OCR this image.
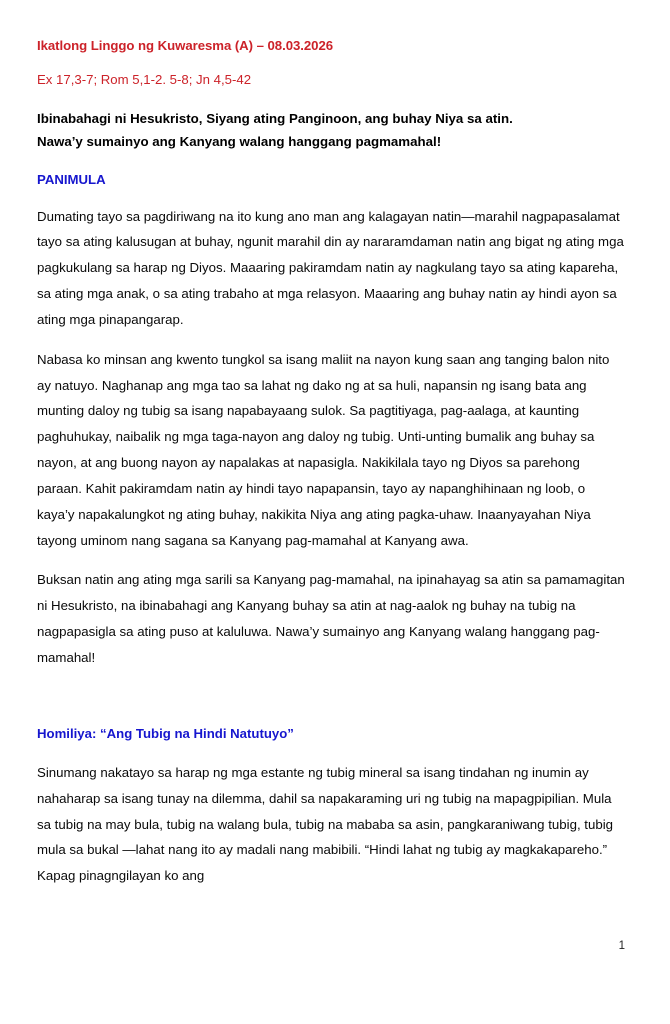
Ikatlong Linggo ng Kuwaresma (A) – 08.03.2026

Ex 17,3-7; Rom 5,1-2. 5-8; Jn 4,5-42

Ibinabahagi ni Hesukristo, Siyang ating Panginoon, ang buhay Niya sa atin.
Nawa’y sumainyo ang Kanyang walang hanggang pagmamahal!
PANIMULA

Dumating tayo sa pagdiriwang na ito kung ano man ang kalagayan natin—marahil nagpapasalamat tayo sa ating kalusugan at buhay, ngunit marahil din ay nararamdaman natin ang bigat ng ating mga pagkukulang sa harap ng Diyos. Maaaring pakiramdam natin ay nagkulang tayo sa ating kapareha, sa ating mga anak, o sa ating trabaho at mga relasyon. Maaaring ang buhay natin ay hindi ayon sa ating mga pinapangarap.

Nabasa ko minsan ang kwento tungkol sa isang maliit na nayon kung saan ang tanging balon nito ay natuyo. Naghanap ang mga tao sa lahat ng dako ng at sa huli, napansin ng isang bata ang munting daloy ng tubig sa isang napabayaang sulok. Sa pagtitiyaga, pag-aalaga, at kaunting paghuhukay, naibalik ng mga taga-nayon ang daloy ng tubig. Unti-unting bumalik ang buhay sa nayon, at ang buong nayon ay napalakas at napasigla. Nakikilala tayo ng Diyos sa parehong paraan. Kahit pakiramdam natin ay hindi tayo napapansin, tayo ay napanghihinaan ng loob, o kaya’y napakalungkot ng ating buhay, nakikita Niya ang ating pagka-uhaw. Inaanyayahan Niya tayong uminom nang sagana sa Kanyang pag-mamahal at Kanyang awa.

Buksan natin ang ating mga sarili sa Kanyang pag-mamahal, na ipinahayag sa atin sa pamamagitan ni Hesukristo, na ibinabahagi ang Kanyang buhay sa atin at nag-aalok ng buhay na tubig na nagpapasigla sa ating puso at kaluluwa. Nawa’y sumainyo ang Kanyang walang hanggang pag-mamahal!

Homiliya: “Ang Tubig na Hindi Natutuyo”

Sinumang nakatayo sa harap ng mga estante ng tubig mineral sa isang tindahan ng inumin ay nahaharap sa isang tunay na dilemma, dahil sa napakaraming uri ng tubig na mapagpipilian. Mula sa tubig na may bula, tubig na walang bula, tubig na mababa sa asin, pangkaraniwang tubig, tubig mula sa bukal —lahat nang ito ay madali nang mabibili. “Hindi lahat ng tubig ay magkakapareho.” Kapag pinagngilayan ko ang

1
